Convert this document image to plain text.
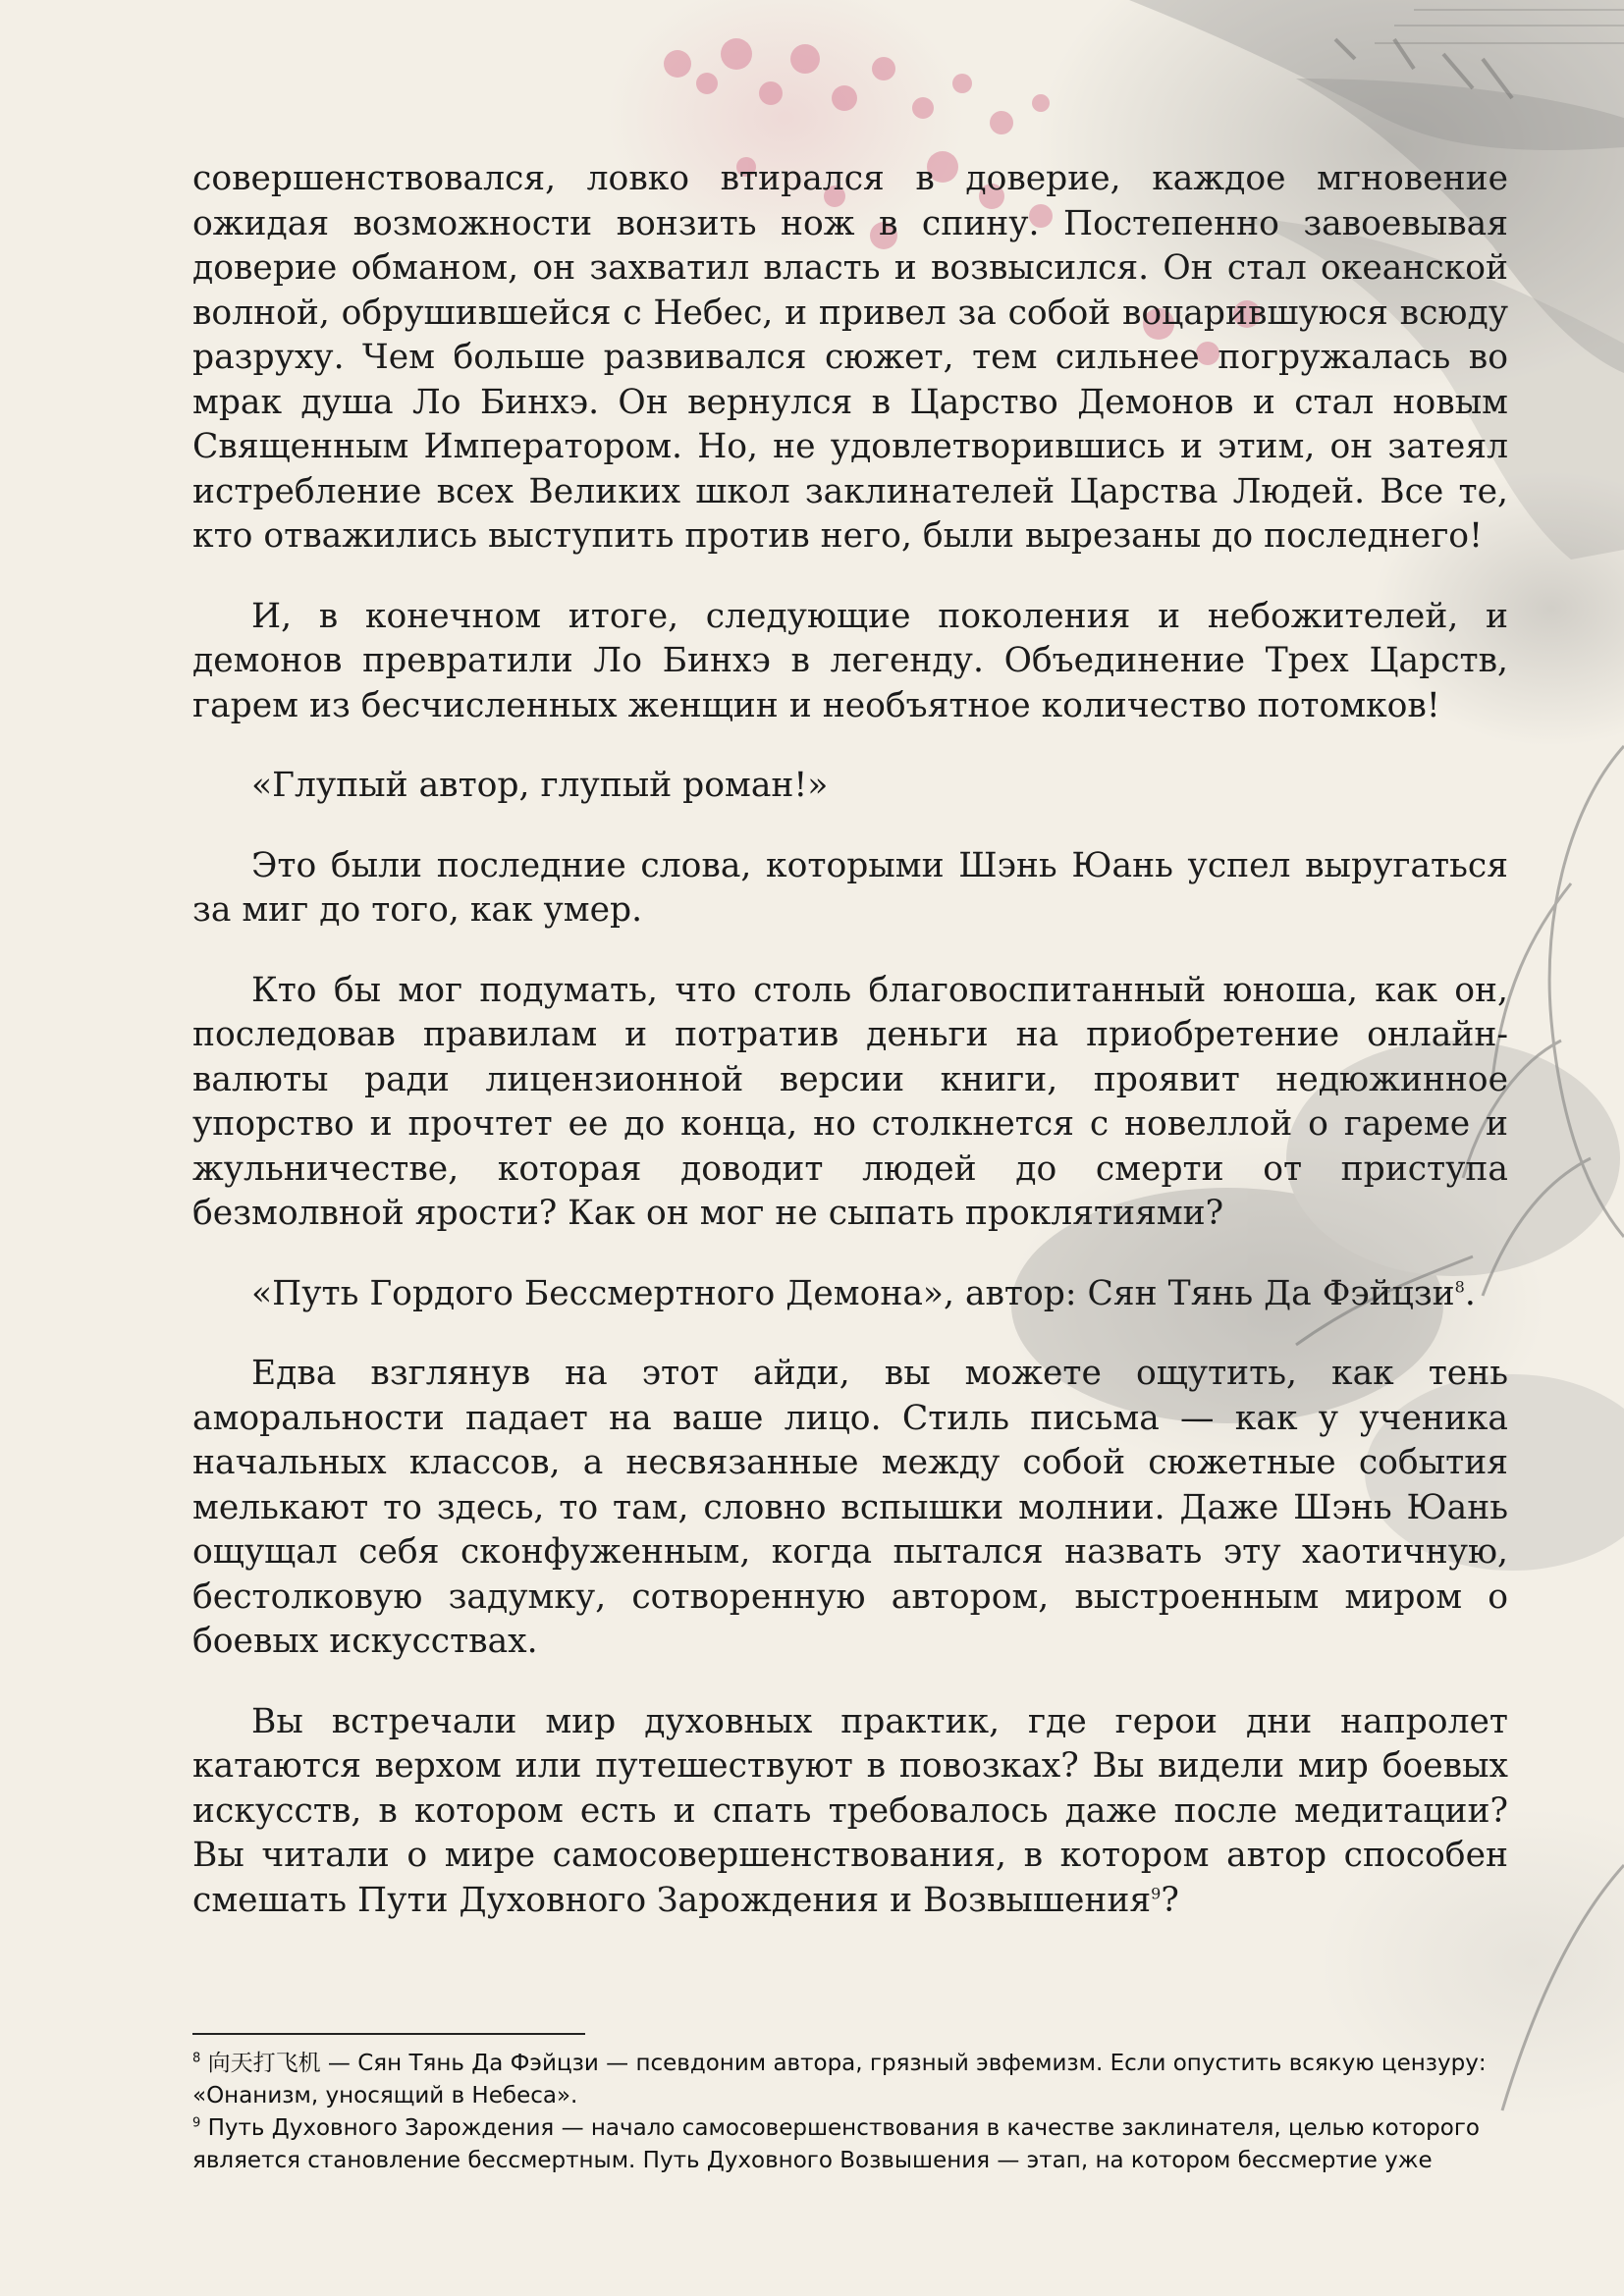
совершенствовался, ловко втирался в доверие, каждое мгновение ожидая возможности вонзить нож в спину. Постепенно завоевывая доверие обманом, он захватил власть и возвысился. Он стал океанской волной, обрушившейся с Небес, и привел за собой воцарившуюся всюду разруху. Чем больше развивался сюжет, тем сильнее погружалась во мрак душа Ло Бинхэ. Он вернулся в Царство Демонов и стал новым Священным Императором. Но, не удовлетворившись и этим, он затеял истребление всех Великих школ заклинателей Царства Людей. Все те, кто отважились выступить против него, были вырезаны до последнего!

И, в конечном итоге, следующие поколения и небожителей, и демонов превратили Ло Бинхэ в легенду. Объединение Трех Царств, гарем из бесчисленных женщин и необъятное количество потомков!

«Глупый автор, глупый роман!»

Это были последние слова, которыми Шэнь Юань успел выругаться за миг до того, как умер.

Кто бы мог подумать, что столь благовоспитанный юноша, как он, последовав правилам и потратив деньги на приобретение онлайн-валюты ради лицензионной версии книги, проявит недюжинное упорство и прочтет ее до конца, но столкнется с новеллой о гареме и жульничестве, которая доводит людей до смерти от приступа безмолвной ярости? Как он мог не сыпать проклятиями?

«Путь Гордого Бессмертного Демона», автор: Сян Тянь Да Фэйцзи$^8$.

Едва взглянув на этот айди, вы можете ощутить, как тень аморальности падает на ваше лицо. Стиль письма — как у ученика начальных классов, а несвязанные между собой сюжетные события мелькают то здесь, то там, словно вспышки молнии. Даже Шэнь Юань ощущал себя сконфуженным, когда пытался назвать эту хаотичную, бестолковую задумку, сотворенную автором, выстроенным миром о боевых искусствах.

Вы встречали мир духовных практик, где герои дни напролет катаются верхом или путешествуют в повозках? Вы видели мир боевых искусств, в котором есть и спать требовалось даже после медитации? Вы читали о мире самосовершенствования, в котором автор способен смешать Пути Духовного Зарождения и Возвышения$^9$?

$^8$ 向天打飞机 — Сян Тянь Да Фэйцзи — псевдоним автора, грязный эвфемизм. Если опустить всякую цензуру: «Онанизм, уносящий в Небеса».

$^9$ Путь Духовного Зарождения — начало самосовершенствования в качестве заклинателя, целью которого является становление бессмертным. Путь Духовного Возвышения — этап, на котором бессмертие уже
